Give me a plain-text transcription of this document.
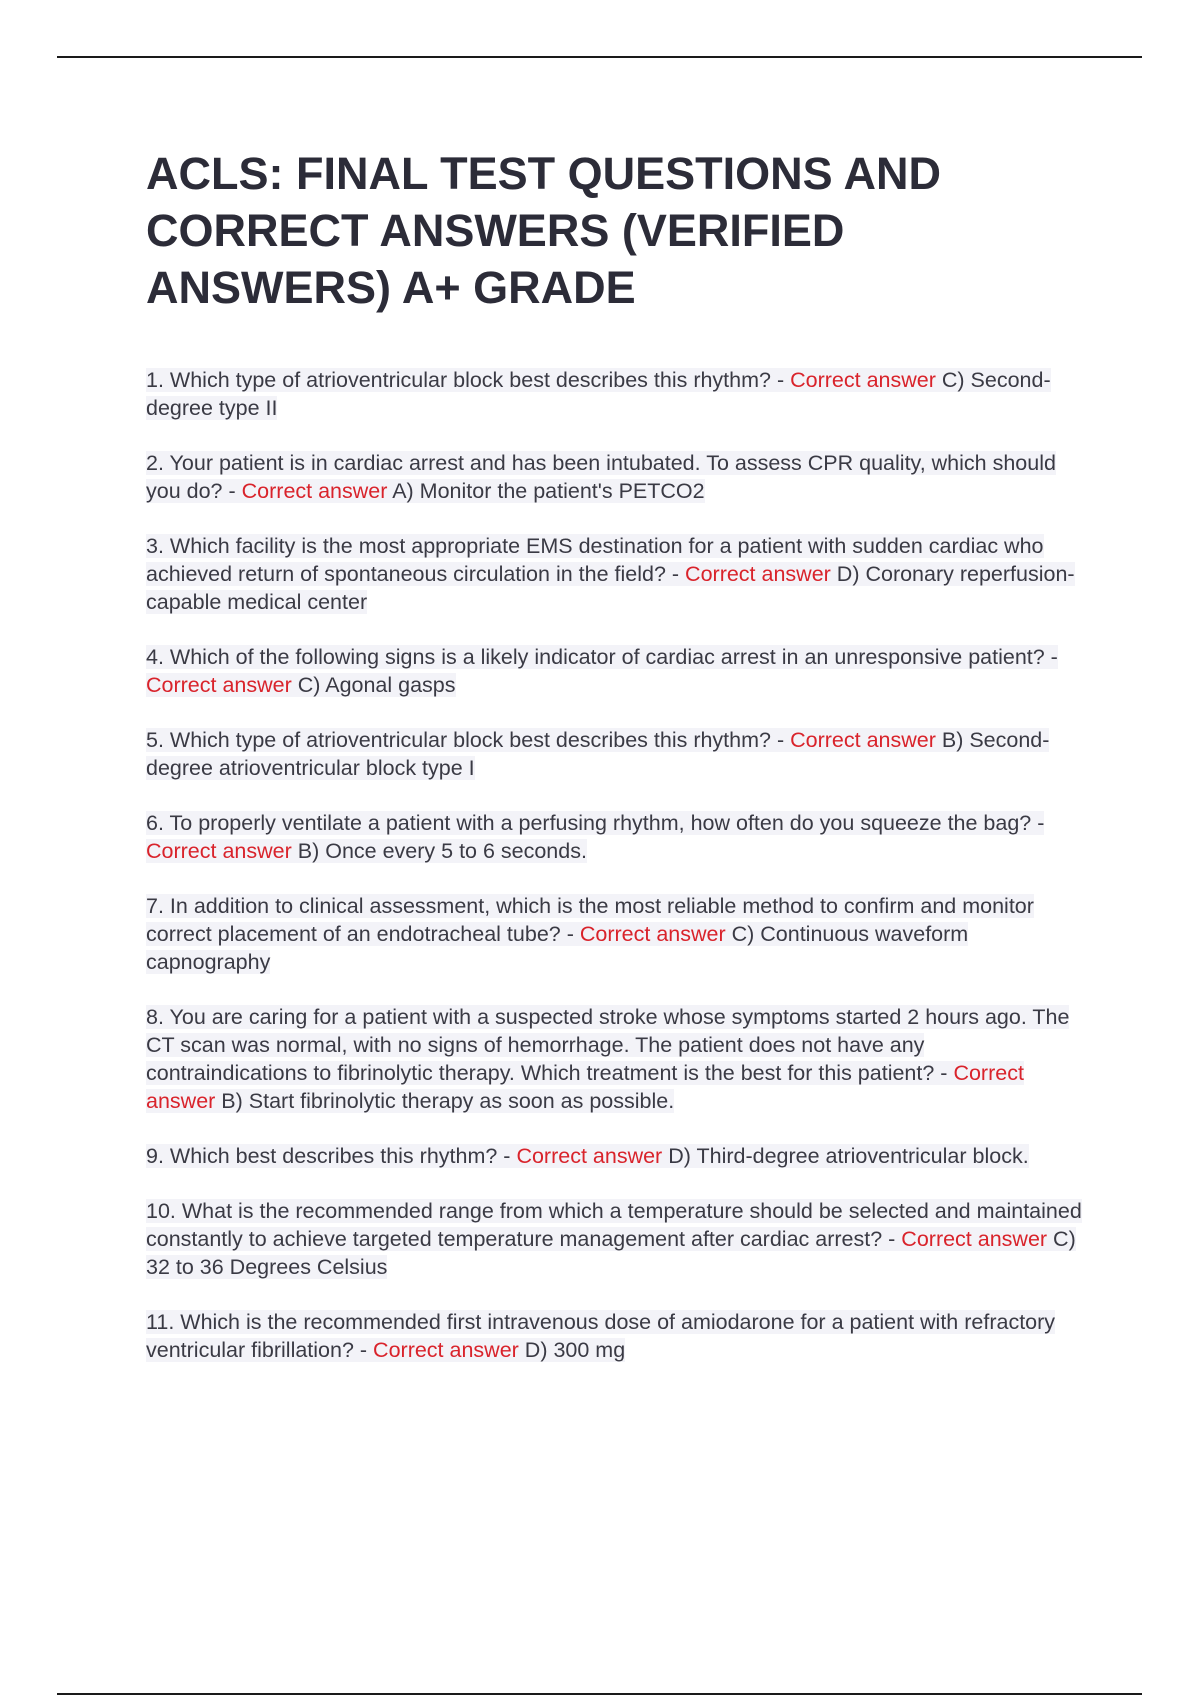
ACLS: FINAL TEST QUESTIONS AND CORRECT ANSWERS (VERIFIED ANSWERS) A+ GRADE
1. Which type of atrioventricular block best describes this rhythm? - Correct answer C) Second-degree type II
2. Your patient is in cardiac arrest and has been intubated. To assess CPR quality, which should you do? - Correct answer A) Monitor the patient's PETCO2
3. Which facility is the most appropriate EMS destination for a patient with sudden cardiac who achieved return of spontaneous circulation in the field? - Correct answer D) Coronary reperfusion-capable medical center
4. Which of the following signs is a likely indicator of cardiac arrest in an unresponsive patient? - Correct answer C) Agonal gasps
5. Which type of atrioventricular block best describes this rhythm? - Correct answer B) Second-degree atrioventricular block type I
6. To properly ventilate a patient with a perfusing rhythm, how often do you squeeze the bag? - Correct answer B) Once every 5 to 6 seconds.
7. In addition to clinical assessment, which is the most reliable method to confirm and monitor correct placement of an endotracheal tube? - Correct answer C) Continuous waveform capnography
8. You are caring for a patient with a suspected stroke whose symptoms started 2 hours ago. The CT scan was normal, with no signs of hemorrhage. The patient does not have any contraindications to fibrinolytic therapy. Which treatment is the best for this patient? - Correct answer B) Start fibrinolytic therapy as soon as possible.
9. Which best describes this rhythm? - Correct answer D) Third-degree atrioventricular block.
10. What is the recommended range from which a temperature should be selected and maintained constantly to achieve targeted temperature management after cardiac arrest? - Correct answer C) 32 to 36 Degrees Celsius
11. Which is the recommended first intravenous dose of amiodarone for a patient with refractory ventricular fibrillation? - Correct answer D) 300 mg
